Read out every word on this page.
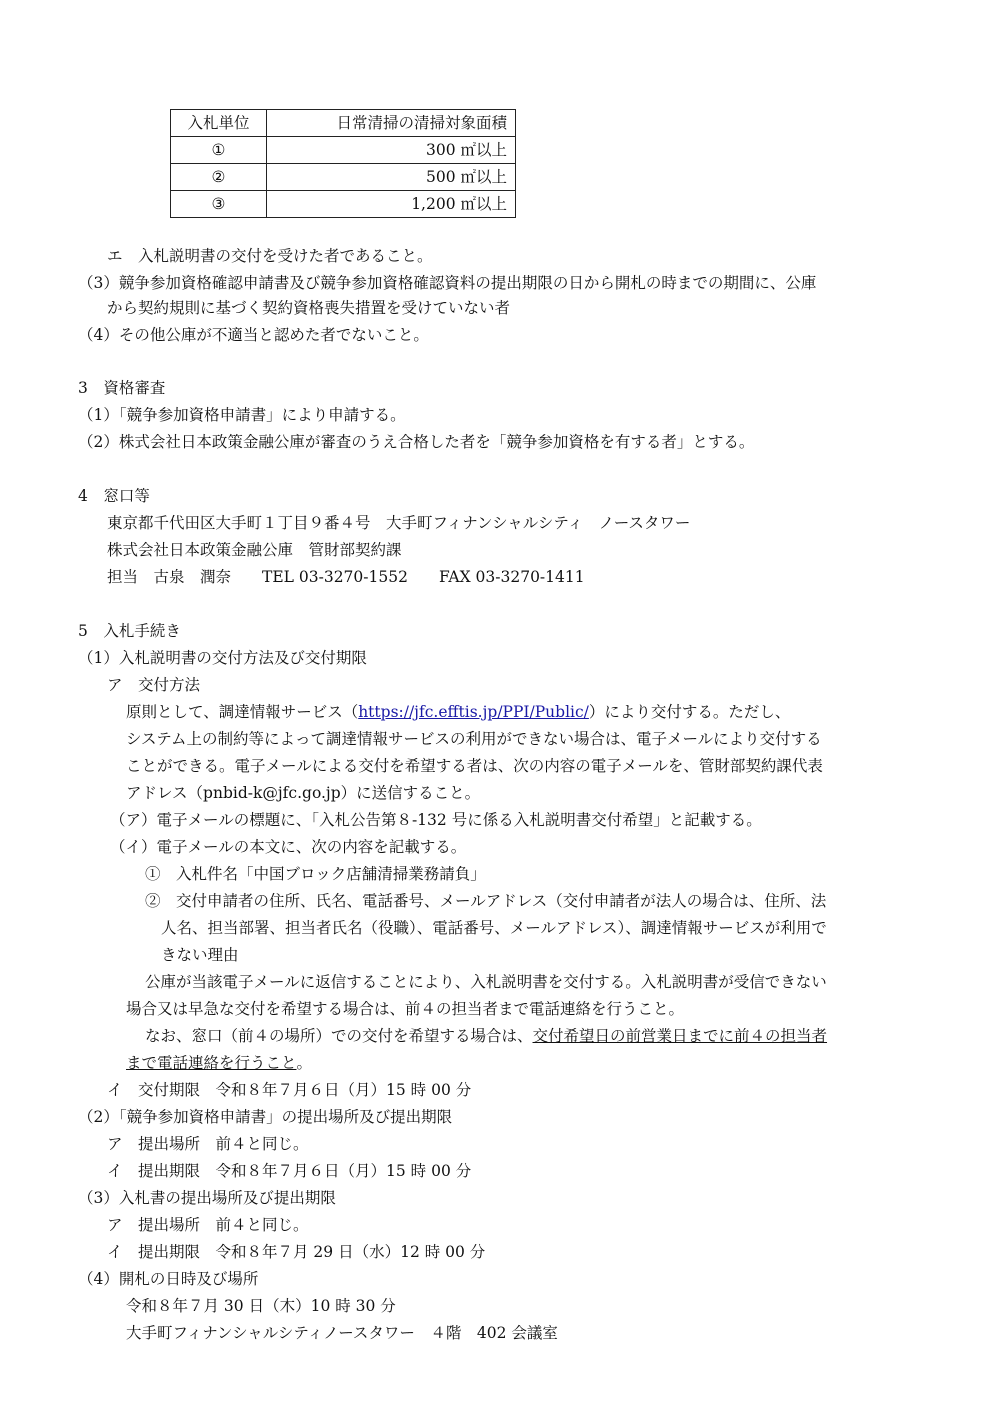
入札単位	日常清掃の清掃対象面積
①	300 ㎡以上
②	500 ㎡以上
③	1,200 ㎡以上
エ　入札説明書の交付を受けた者であること。
（3）競争参加資格確認申請書及び競争参加資格確認資料の提出期限の日から開札の時までの期間に、公庫
から契約規則に基づく契約資格喪失措置を受けていない者
（4）その他公庫が不適当と認めた者でないこと。
3　資格審査
（1）「競争参加資格申請書」により申請する。
（2）株式会社日本政策金融公庫が審査のうえ合格した者を「競争参加資格を有する者」とする。
4　窓口等
東京都千代田区大手町１丁目９番４号　大手町フィナンシャルシティ　ノースタワー
株式会社日本政策金融公庫　管財部契約課
担当　古泉　潤奈　　TEL 03-3270-1552　　FAX 03-3270-1411
5　入札手続き
（1）入札説明書の交付方法及び交付期限
ア　交付方法
原則として、調達情報サービス（https://jfc.efftis.jp/PPI/Public/）により交付する。ただし、
システム上の制約等によって調達情報サービスの利用ができない場合は、電子メールにより交付する
ことができる。電子メールによる交付を希望する者は、次の内容の電子メールを、管財部契約課代表
アドレス（pnbid-k@jfc.go.jp）に送信すること。
（ア）電子メールの標題に、「入札公告第８-132 号に係る入札説明書交付希望」と記載する。
（イ）電子メールの本文に、次の内容を記載する。
①　入札件名「中国ブロック店舗清掃業務請負」
②　交付申請者の住所、氏名、電話番号、メールアドレス（交付申請者が法人の場合は、住所、法
人名、担当部署、担当者氏名（役職）、電話番号、メールアドレス）、調達情報サービスが利用で
きない理由
公庫が当該電子メールに返信することにより、入札説明書を交付する。入札説明書が受信できない
場合又は早急な交付を希望する場合は、前４の担当者まで電話連絡を行うこと。
なお、窓口（前４の場所）での交付を希望する場合は、交付希望日の前営業日までに前４の担当者
まで電話連絡を行うこと。
イ　交付期限　令和８年７月６日（月）15 時 00 分
（2）「競争参加資格申請書」の提出場所及び提出期限
ア　提出場所　前４と同じ。
イ　提出期限　令和８年７月６日（月）15 時 00 分
（3）入札書の提出場所及び提出期限
ア　提出場所　前４と同じ。
イ　提出期限　令和８年７月 29 日（水）12 時 00 分
（4）開札の日時及び場所
令和８年７月 30 日（木）10 時 30 分
大手町フィナンシャルシティノースタワー　４階　402 会議室
